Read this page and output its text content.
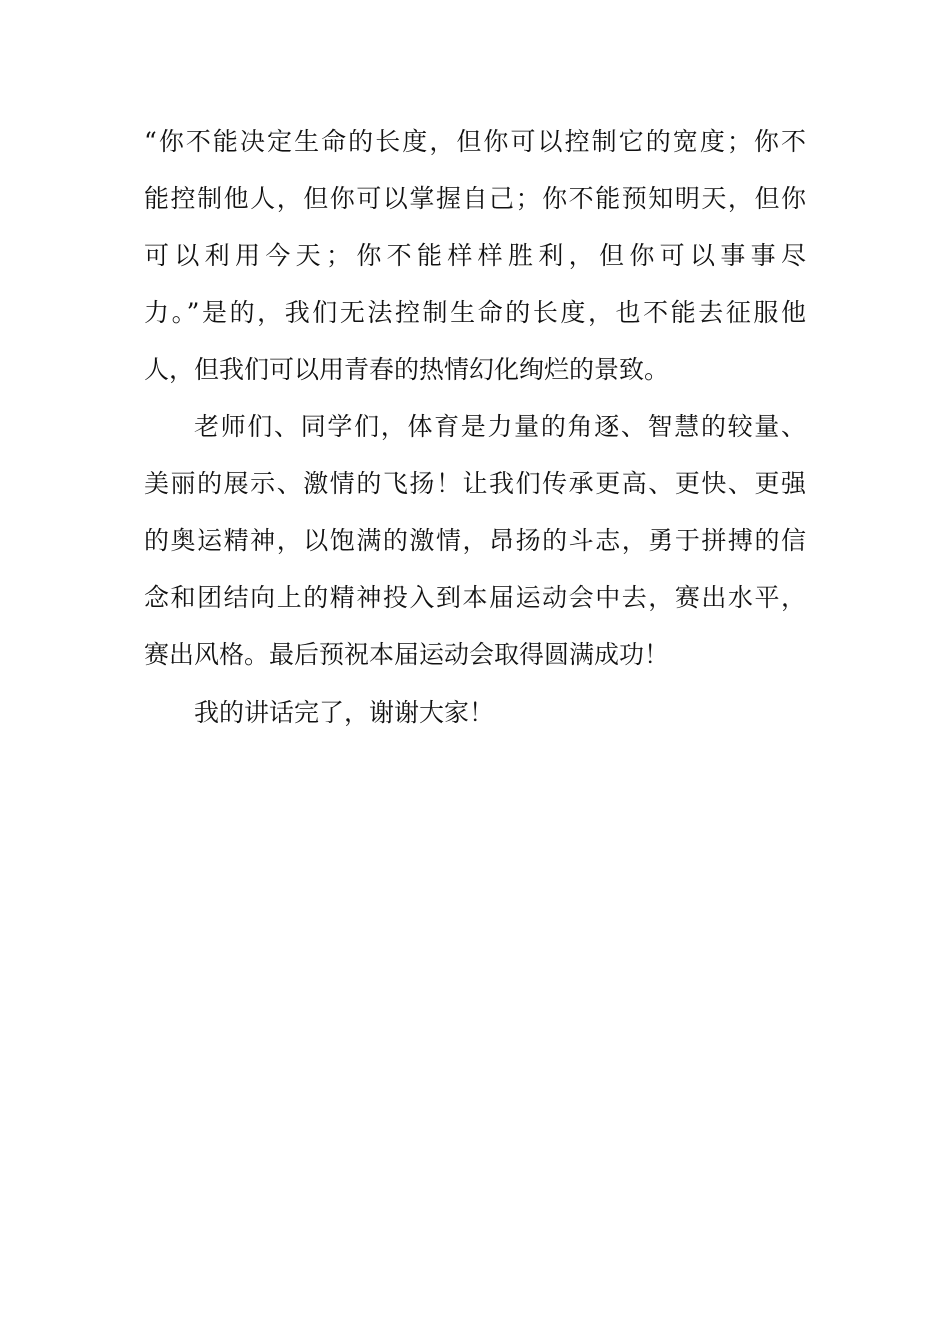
“你不能决定生命的长度，但你可以控制它的宽度；你不
能控制他人，但你可以掌握自己；你不能预知明天，但你
可以利用今天；你不能样样胜利，但你可以事事尽
力。”是的，我们无法控制生命的长度，也不能去征服他
人，但我们可以用青春的热情幻化绚烂的景致。
老师们、同学们，体育是力量的角逐、智慧的较量、
美丽的展示、激情的飞扬！让我们传承更高、更快、更强
的奥运精神，以饱满的激情，昂扬的斗志，勇于拼搏的信
念和团结向上的精神投入到本届运动会中去，赛出水平，
赛出风格。最后预祝本届运动会取得圆满成功！
我的讲话完了，谢谢大家！
